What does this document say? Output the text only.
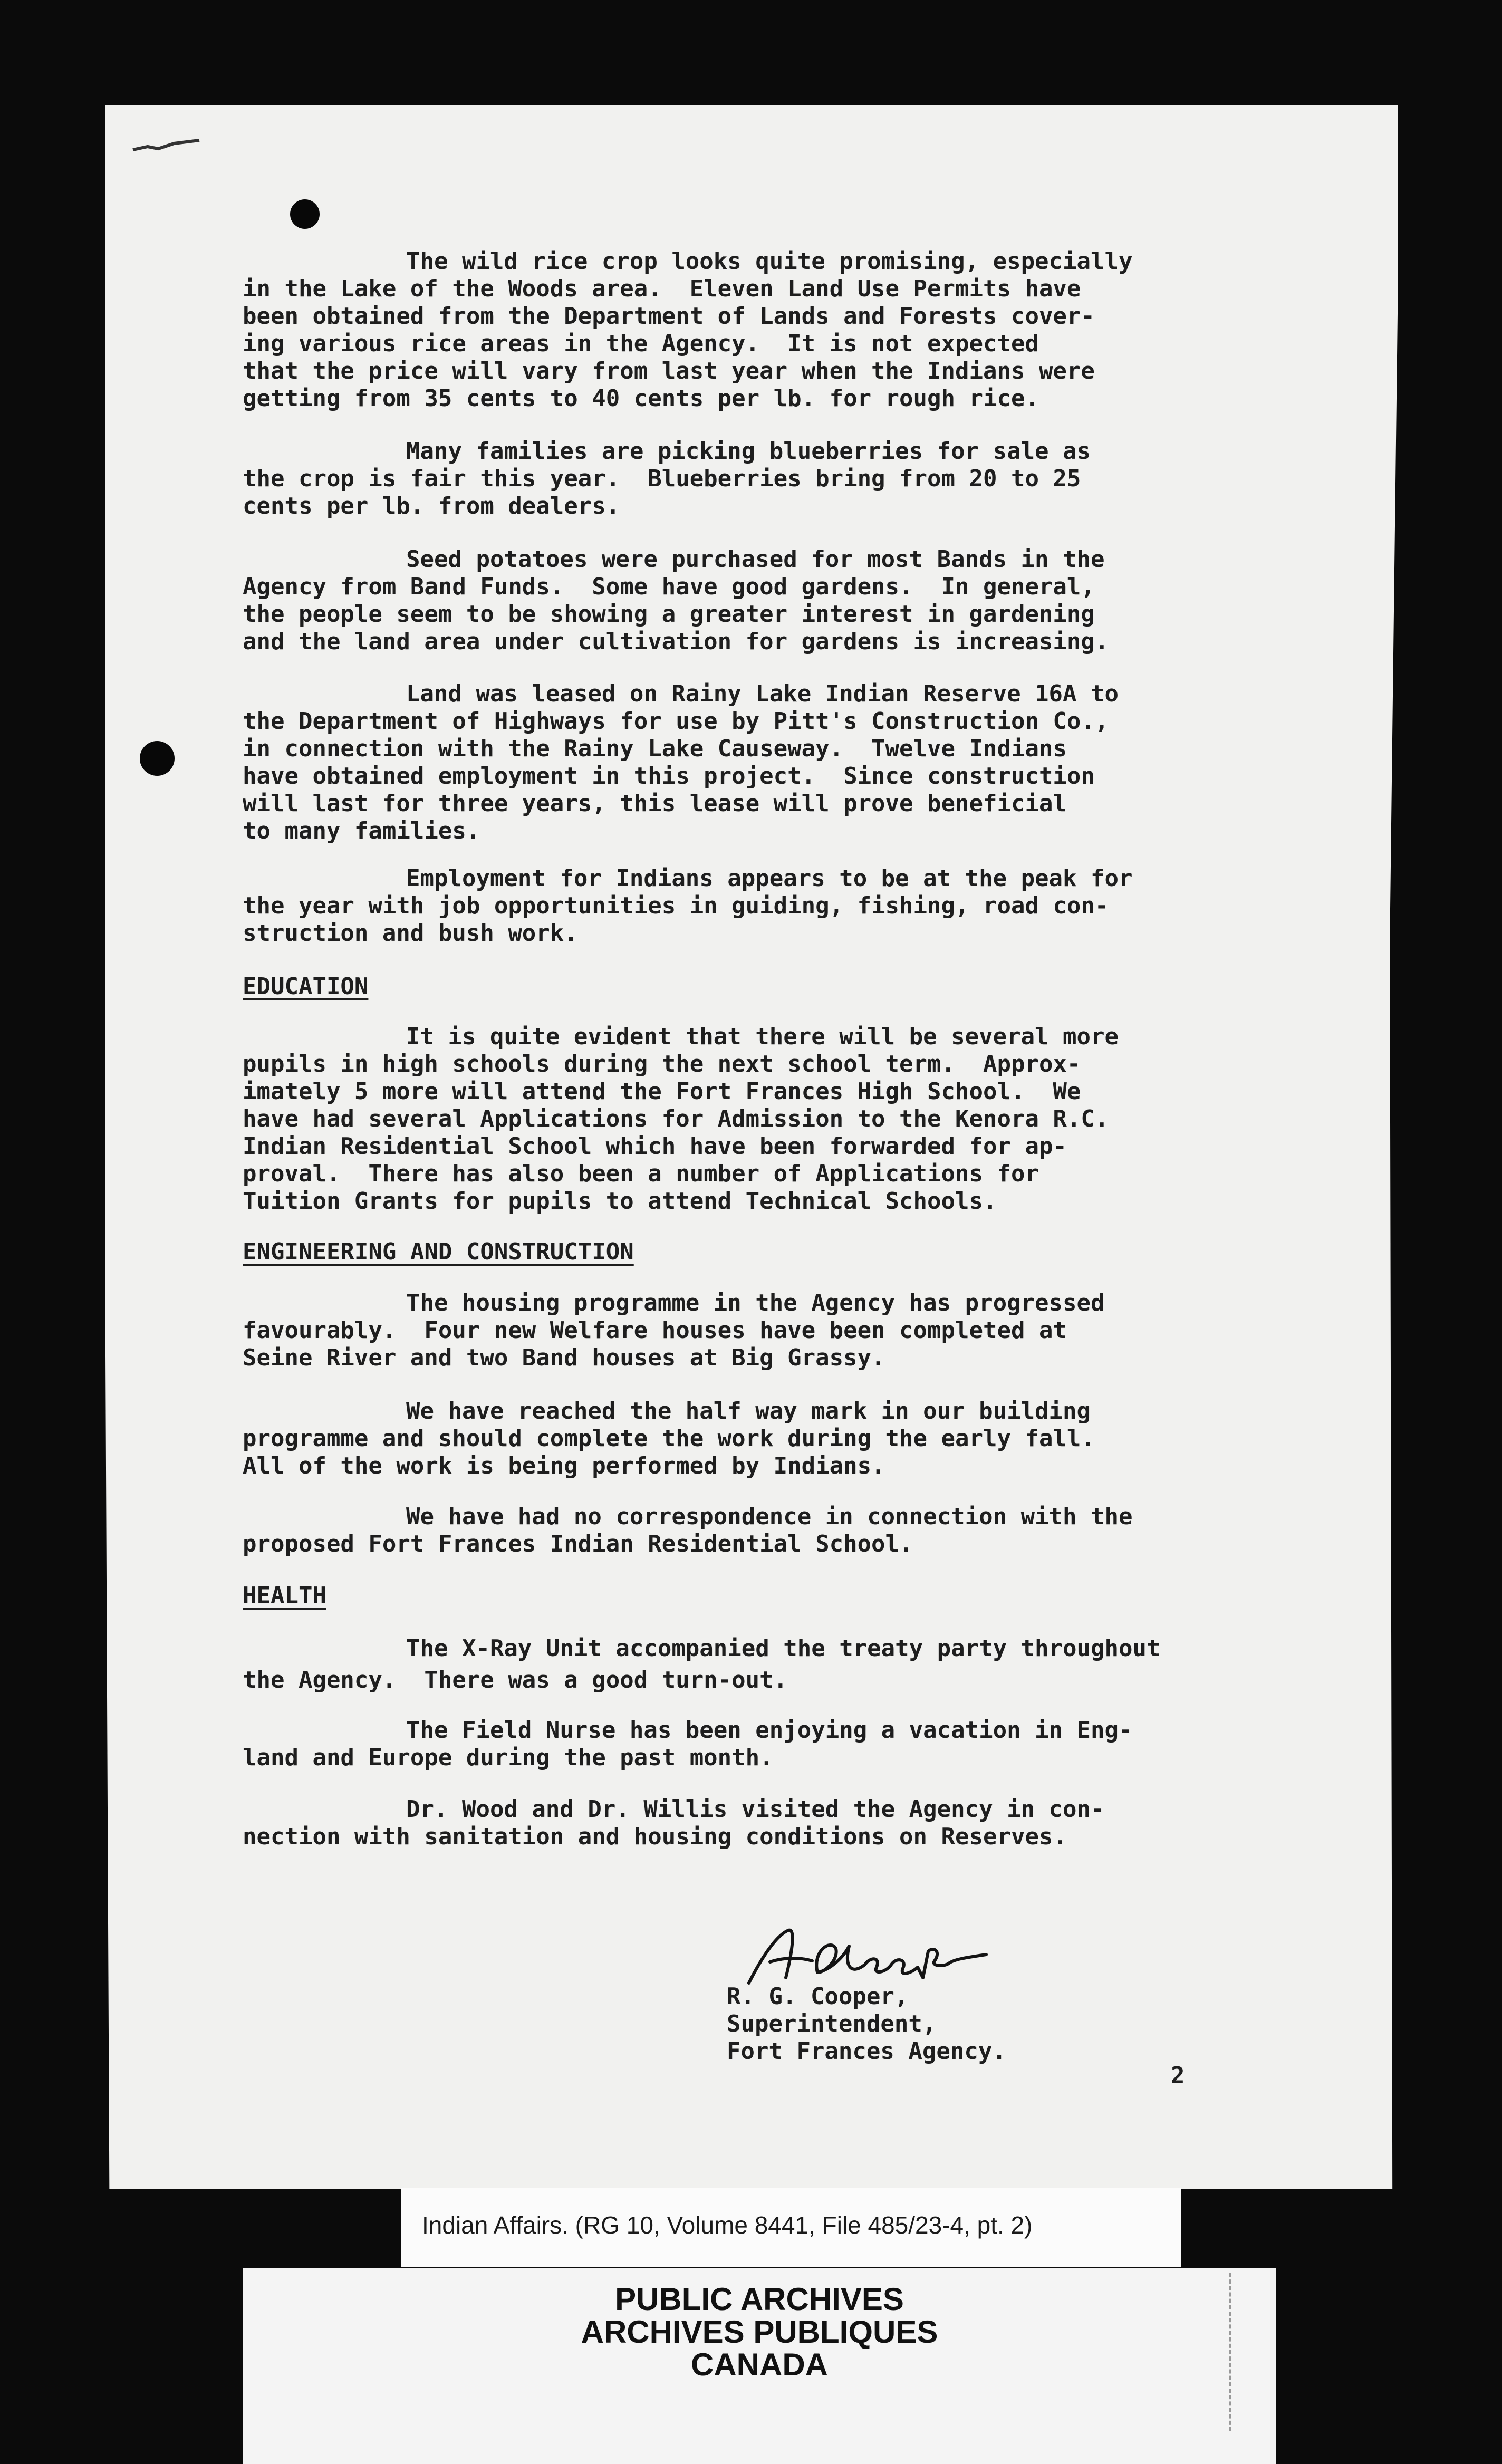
The wild rice crop looks quite promising, especially

in the Lake of the Woods area.  Eleven Land Use Permits have

been obtained from the Department of Lands and Forests cover-

ing various rice areas in the Agency.  It is not expected

that the price will vary from last year when the Indians were

getting from 35 cents to 40 cents per lb. for rough rice.

Many families are picking blueberries for sale as

the crop is fair this year.  Blueberries bring from 20 to 25

cents per lb. from dealers.

Seed potatoes were purchased for most Bands in the

Agency from Band Funds.  Some have good gardens.  In general,

the people seem to be showing a greater interest in gardening

and the land area under cultivation for gardens is increasing.

Land was leased on Rainy Lake Indian Reserve 16A to

the Department of Highways for use by Pitt's Construction Co.,

in connection with the Rainy Lake Causeway.  Twelve Indians

have obtained employment in this project.  Since construction

will last for three years, this lease will prove beneficial

to many families.

Employment for Indians appears to be at the peak for

the year with job opportunities in guiding, fishing, road con-

struction and bush work.

EDUCATION

It is quite evident that there will be several more

pupils in high schools during the next school term.  Approx-

imately 5 more will attend the Fort Frances High School.  We

have had several Applications for Admission to the Kenora R.C.

Indian Residential School which have been forwarded for ap-

proval.  There has also been a number of Applications for

Tuition Grants for pupils to attend Technical Schools.

ENGINEERING AND CONSTRUCTION

The housing programme in the Agency has progressed

favourably.  Four new Welfare houses have been completed at

Seine River and two Band houses at Big Grassy.

We have reached the half way mark in our building

programme and should complete the work during the early fall.

All of the work is being performed by Indians.

We have had no correspondence in connection with the

proposed Fort Frances Indian Residential School.

HEALTH

The X-Ray Unit accompanied the treaty party throughout

the Agency.  There was a good turn-out.

The Field Nurse has been enjoying a vacation in Eng-

land and Europe during the past month.

Dr. Wood and Dr. Willis visited the Agency in con-

nection with sanitation and housing conditions on Reserves.

R. G. Cooper,

Superintendent,

Fort Frances Agency.

2

Indian Affairs. (RG 10, Volume 8441, File 485/23-4, pt. 2)

PUBLIC ARCHIVES

ARCHIVES PUBLIQUES

CANADA
